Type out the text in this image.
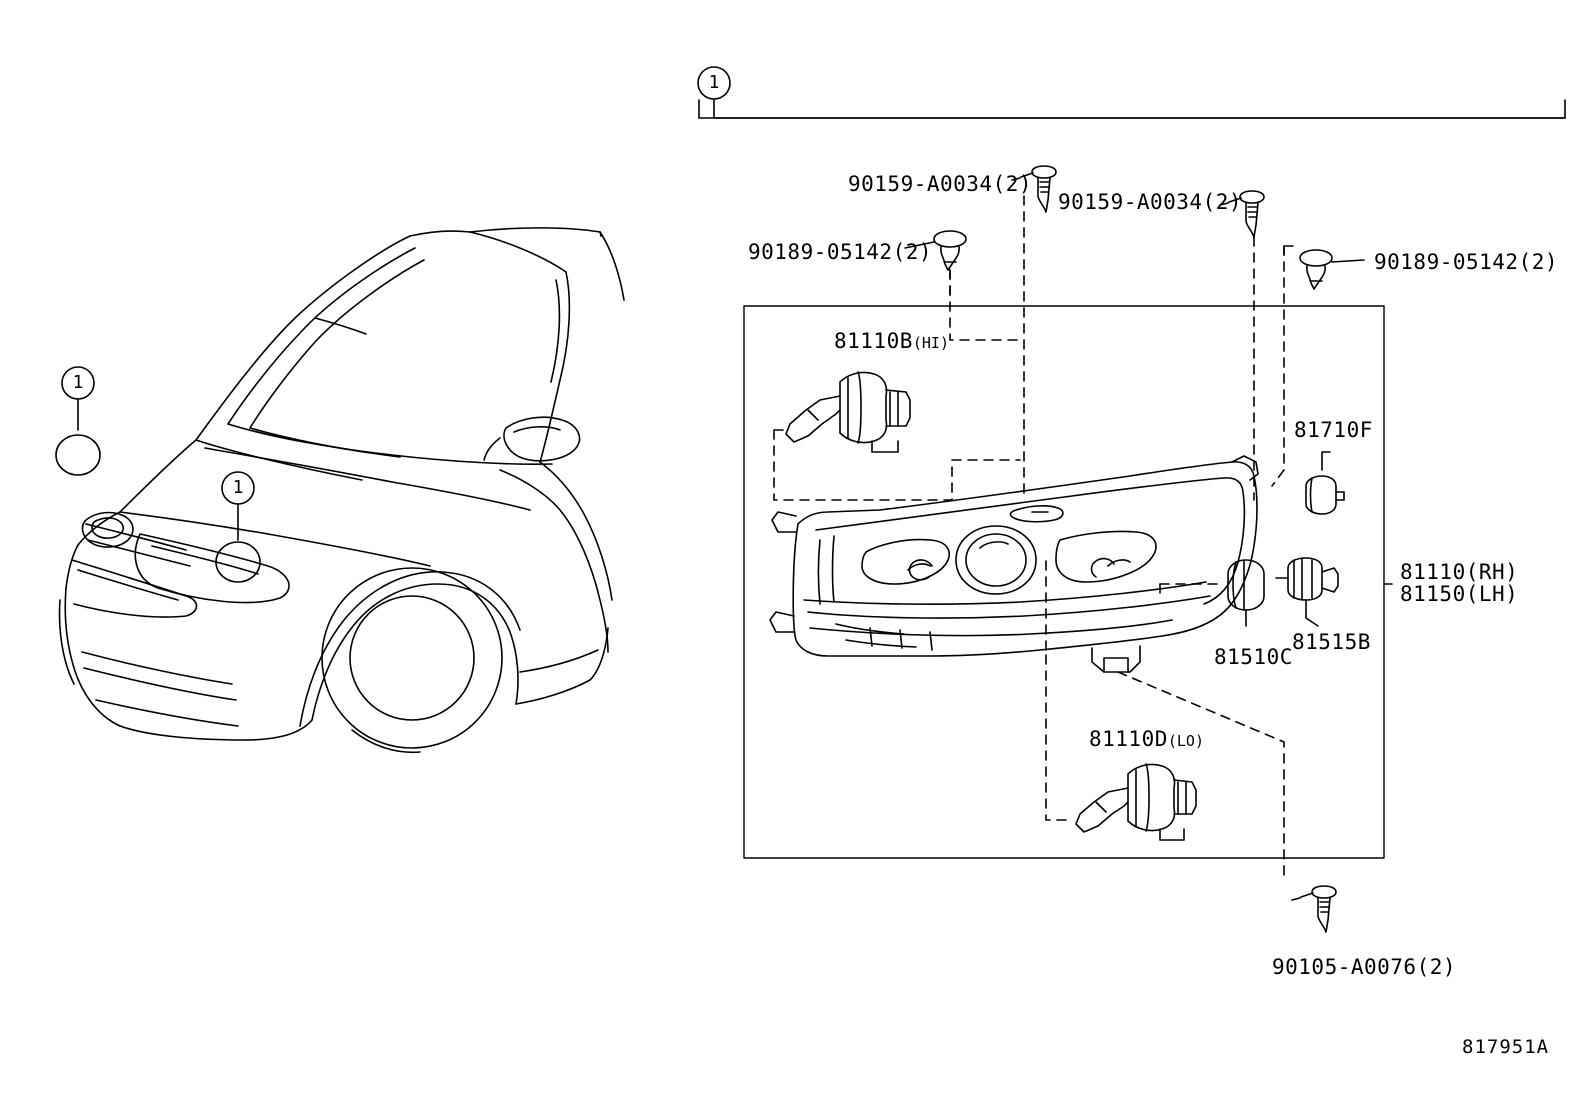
1
1
1
90159-A0034(2)
90159-A0034(2)
90189-05142(2)	90189-05142(2)
81110B(HI)
81110D(LO)
81710F
81510C
81515B
81110(RH)
81150(LH)
90105-A0076(2)
817951A
